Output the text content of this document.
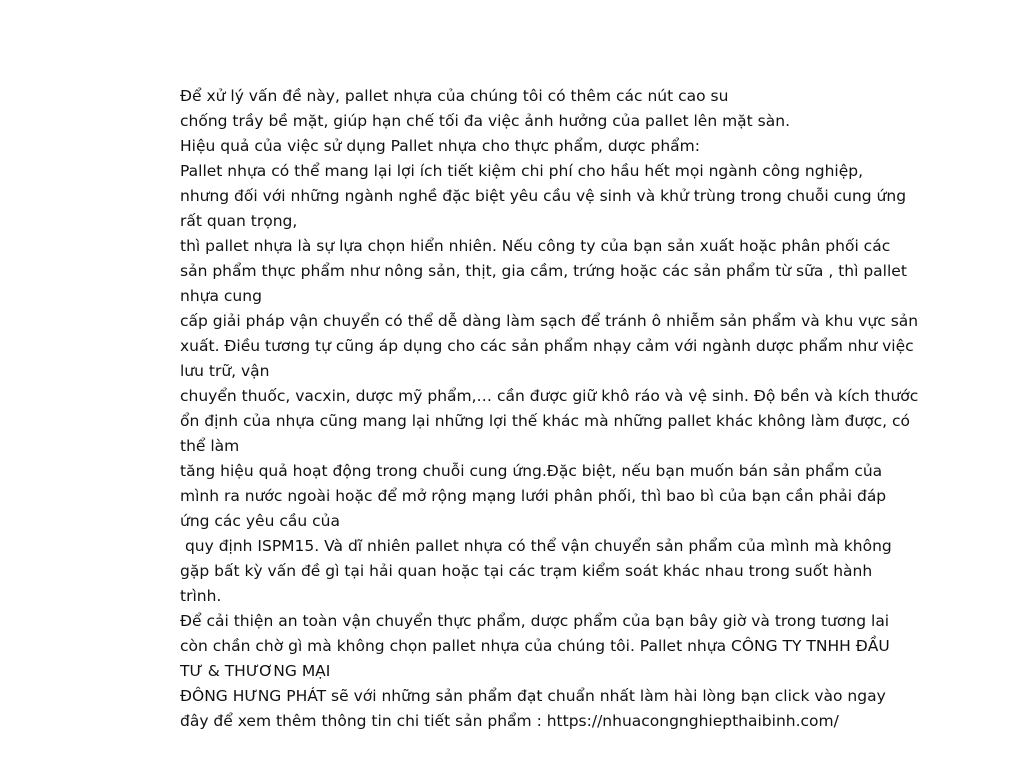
Để xử lý vấn đề này, pallet nhựa của chúng tôi có thêm các nút cao su
chống trầy bề mặt, giúp hạn chế tối đa việc ảnh hưởng của pallet lên mặt sàn.
Hiệu quả của việc sử dụng Pallet nhựa cho thực phẩm, dược phẩm:
Pallet nhựa có thể mang lại lợi ích tiết kiệm chi phí cho hầu hết mọi ngành công nghiệp,
nhưng đối với những ngành nghề đặc biệt yêu cầu vệ sinh và khử trùng trong chuỗi cung ứng
rất quan trọng,
thì pallet nhựa là sự lựa chọn hiển nhiên. Nếu công ty của bạn sản xuất hoặc phân phối các
sản phẩm thực phẩm như nông sản, thịt, gia cầm, trứng hoặc các sản phẩm từ sữa , thì pallet
nhựa cung
cấp giải pháp vận chuyển có thể dễ dàng làm sạch để tránh ô nhiễm sản phẩm và khu vực sản
xuất. Điều tương tự cũng áp dụng cho các sản phẩm nhạy cảm với ngành dược phẩm như việc
lưu trữ, vận
chuyển thuốc, vacxin, dược mỹ phẩm,… cần được giữ khô ráo và vệ sinh. Độ bền và kích thước
ổn định của nhựa cũng mang lại những lợi thế khác mà những pallet khác không làm được, có
thể làm
tăng hiệu quả hoạt động trong chuỗi cung ứng.Đặc biệt, nếu bạn muốn bán sản phẩm của
mình ra nước ngoài hoặc để mở rộng mạng lưới phân phối, thì bao bì của bạn cần phải đáp
ứng các yêu cầu của
quy định ISPM15. Và dĩ nhiên pallet nhựa có thể vận chuyển sản phẩm của mình mà không
gặp bất kỳ vấn đề gì tại hải quan hoặc tại các trạm kiểm soát khác nhau trong suốt hành
trình.
Để cải thiện an toàn vận chuyển thực phẩm, dược phẩm của bạn bây giờ và trong tương lai
còn chần chờ gì mà không chọn pallet nhựa của chúng tôi. Pallet nhựa CÔNG TY TNHH ĐẦU
TƯ & THƯƠNG MẠI
ĐÔNG HƯNG PHÁT sẽ với những sản phẩm đạt chuẩn nhất làm hài lòng bạn click vào ngay
đây để xem thêm thông tin chi tiết sản phẩm : https://nhuacongnghiepthaibinh.com/
